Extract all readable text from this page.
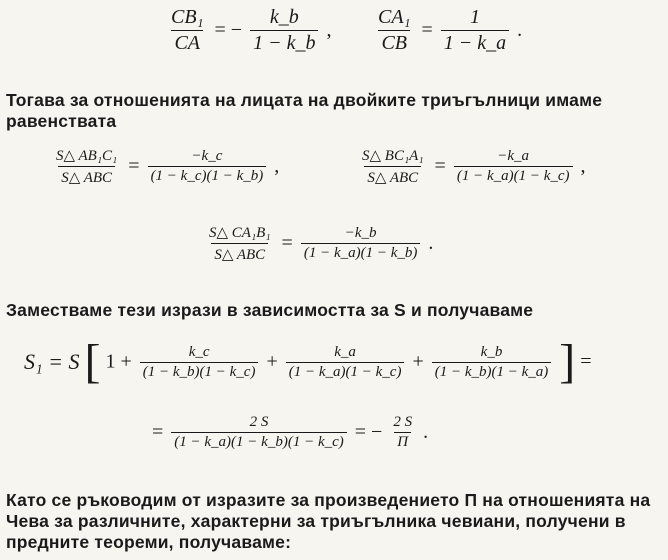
$\frac{\text{CB₁}}{CA}$ = − $\frac{k\_b}{1 - k\_b}$ , $\frac{\text{CA₁}}{CB} = \frac{1}{1 - k\_a}$ .
Тогава за отношенията на лицата на двойките триъгълници имаме равенствата
$\frac{\text{S△ AB₁C₁}}{\text{S△ ABC}} = \frac{-k\_c}{(1 - k\_c)(1 - k\_b)}$ ,	$\frac{\text{S△ BC₁A₁}}{\text{S△ ABC}} = \frac{-k\_a}{(1 - k\_a)(1 - k\_c)}$ ,
$\frac{\text{S△ CA₁B₁}}{\text{S△ ABC}} = \frac{-k\_b}{(1 - k\_a)(1 - k\_b)}$ .
Заместваме тези изрази в зависимостта за S и получаваме
S₁ = S [ $1 + \frac{k\_c}{(1 - k\_b)(1 - k\_c)} + \frac{k\_a}{(1 - k\_a)(1 - k\_c)} + \frac{k\_b}{(1 - k\_b)(1 - k\_a)}$ ] =
= $\frac{2 S}{(1 - k\_a)(1 - k\_b)(1 - k\_c)}$ = − $\frac{2 S}{П}$ .
Като се ръководим от изразите за произведението П на отношенията на Чева за различните, характерни за триъгълника чевиани, получени в предните теореми, получаваме:
